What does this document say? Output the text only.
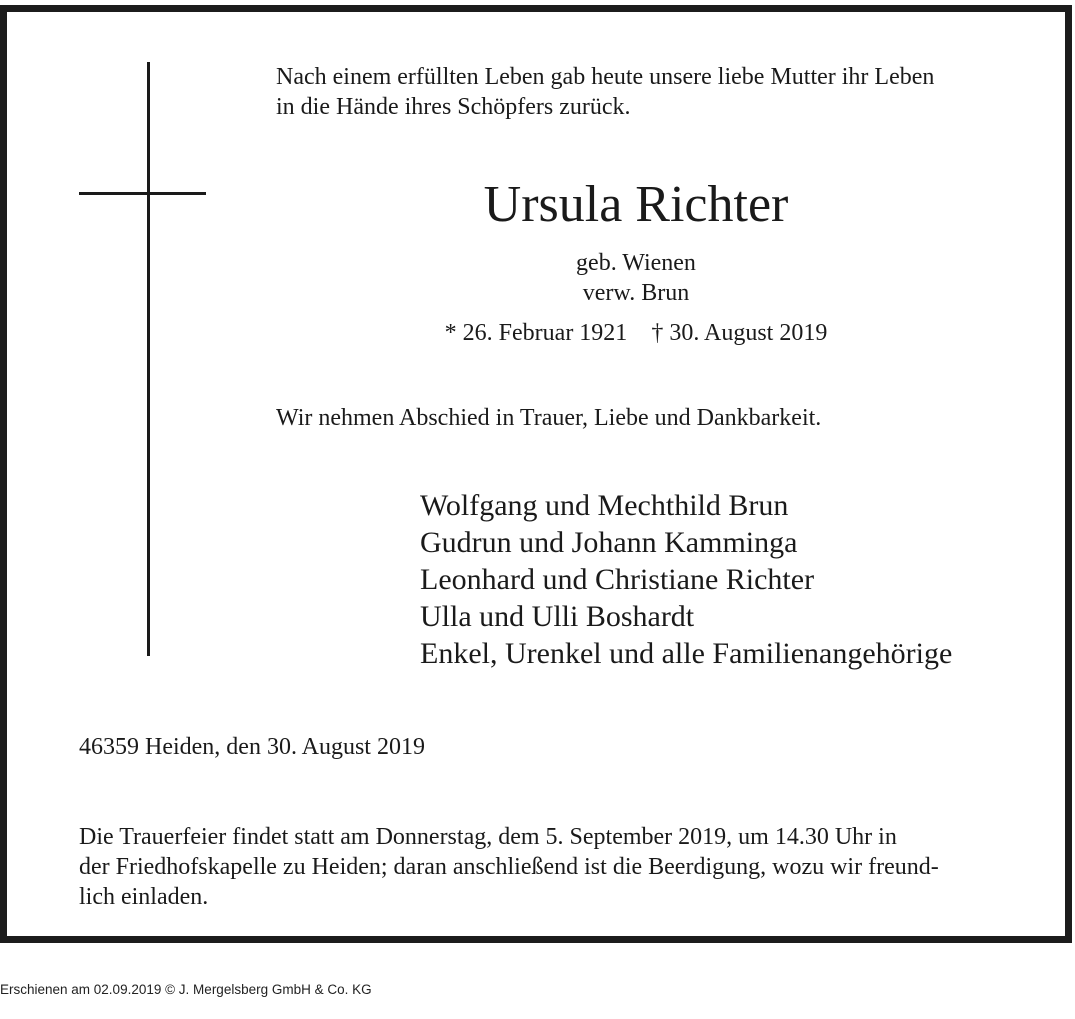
Nach einem erfüllten Leben gab heute unsere liebe Mutter ihr Leben
in die Hände ihres Schöpfers zurück.

Ursula Richter

geb. Wienen

verw. Brun

* 26. Februar 1921 † 30. August 2019

Wir nehmen Abschied in Trauer, Liebe und Dankbarkeit.

Wolfgang und Mechthild Brun
Gudrun und Johann Kamminga
Leonhard und Christiane Richter
Ulla und Ulli Boshardt
Enkel, Urenkel und alle Familienangehörige

46359 Heiden, den 30. August 2019

Die Trauerfeier findet statt am Donnerstag, dem 5. September 2019, um 14.30 Uhr in
der Friedhofskapelle zu Heiden; daran anschließend ist die Beerdigung, wozu wir freund-
lich einladen.

Erschienen am 02.09.2019 © J. Mergelsberg GmbH & Co. KG
